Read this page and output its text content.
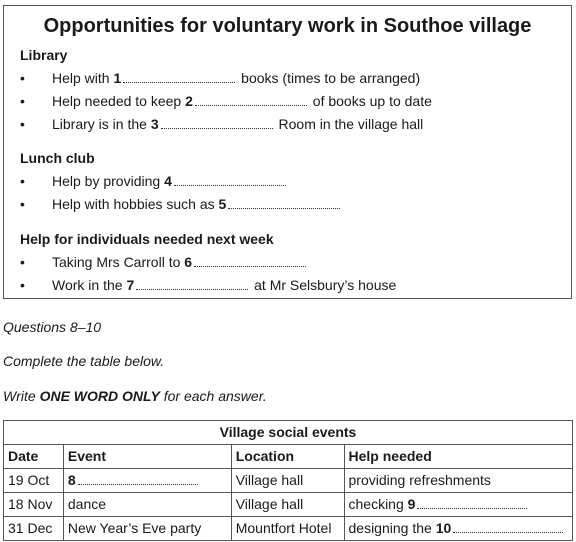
Opportunities for voluntary work in Southoe village
Library
• Help with 1	books (times to be arranged)
• Help needed to keep 2	of books up to date
• Library is in the 3	Room in the village hall
Lunch club
• Help by providing 4
• Help with hobbies such as 5
Help for individuals needed next week
• Taking Mrs Carroll to 6
• Work in the 7	at Mr Selsbury’s house
Questions 8–10
Complete the table below.
Write ONE WORD ONLY for each answer.
Village social events			
Date	Event	Location	Help needed
19 Oct	8	Village hall	providing refreshments
18 Nov	dance	Village hall	checking 9
31 Dec	New Year’s Eve party	Mountfort Hotel	designing the 10
